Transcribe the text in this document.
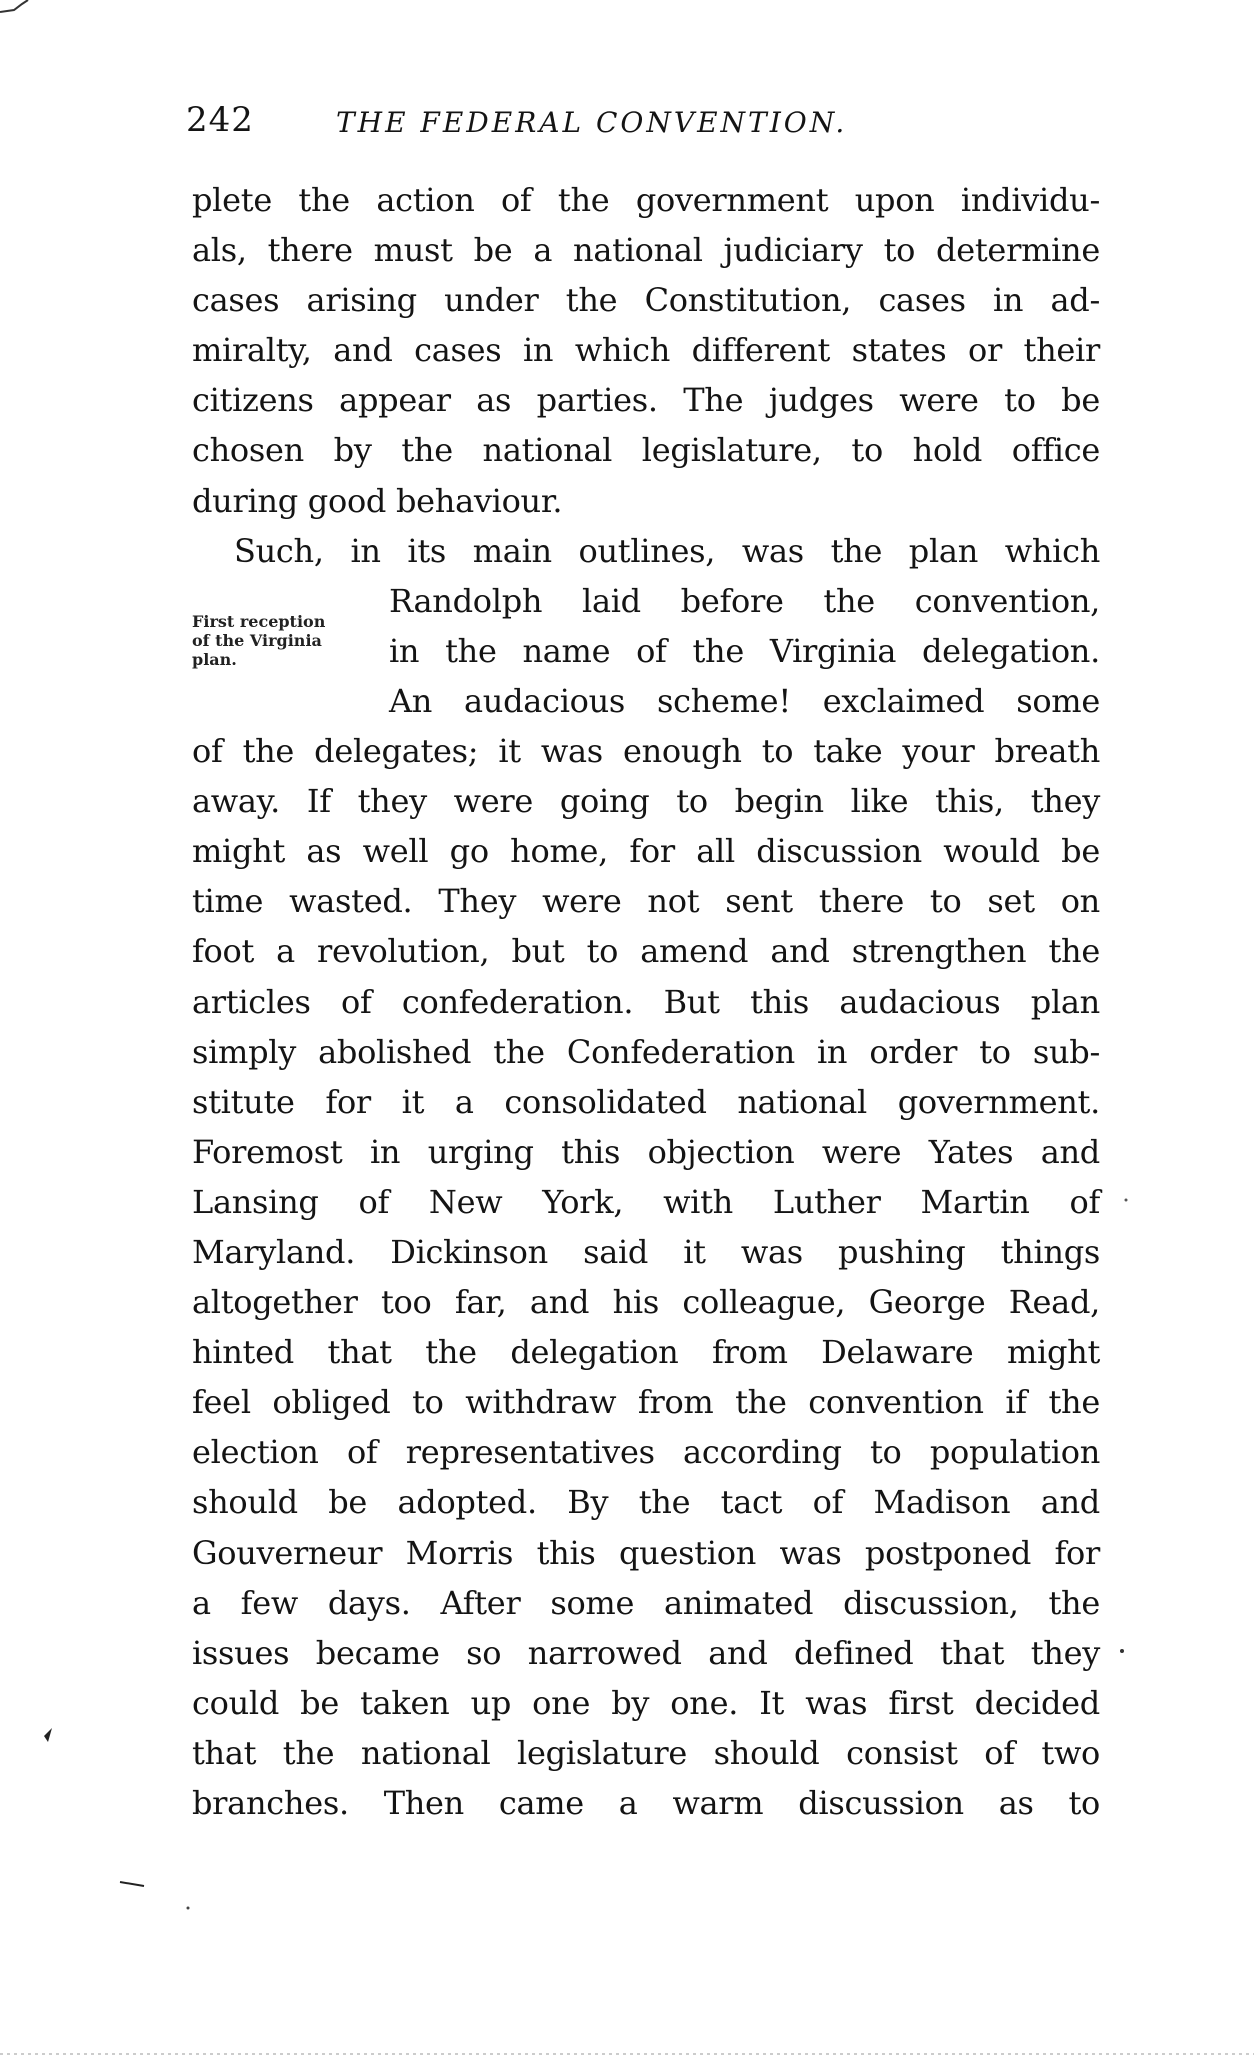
242	THE FEDERAL CONVENTION.
First reception
of the Virginia
plan.
plete the action of the government upon individu-
als, there must be a national judiciary to determine
cases arising under the Constitution, cases in ad-
miralty, and cases in which different states or their
citizens appear as parties. The judges were to be
chosen by the national legislature, to hold office
during good behaviour.
Such, in its main outlines, was the plan which
Randolph laid before the convention,
in the name of the Virginia delegation.
An audacious scheme! exclaimed some
of the delegates; it was enough to take your breath
away. If they were going to begin like this, they
might as well go home, for all discussion would be
time wasted. They were not sent there to set on
foot a revolution, but to amend and strengthen the
articles of confederation. But this audacious plan
simply abolished the Confederation in order to sub-
stitute for it a consolidated national government.
Foremost in urging this objection were Yates and
Lansing of New York, with Luther Martin of
Maryland. Dickinson said it was pushing things
altogether too far, and his colleague, George Read,
hinted that the delegation from Delaware might
feel obliged to withdraw from the convention if the
election of representatives according to population
should be adopted. By the tact of Madison and
Gouverneur Morris this question was postponed for
a few days. After some animated discussion, the
issues became so narrowed and defined that they
could be taken up one by one. It was first decided
that the national legislature should consist of two
branches. Then came a warm discussion as to
